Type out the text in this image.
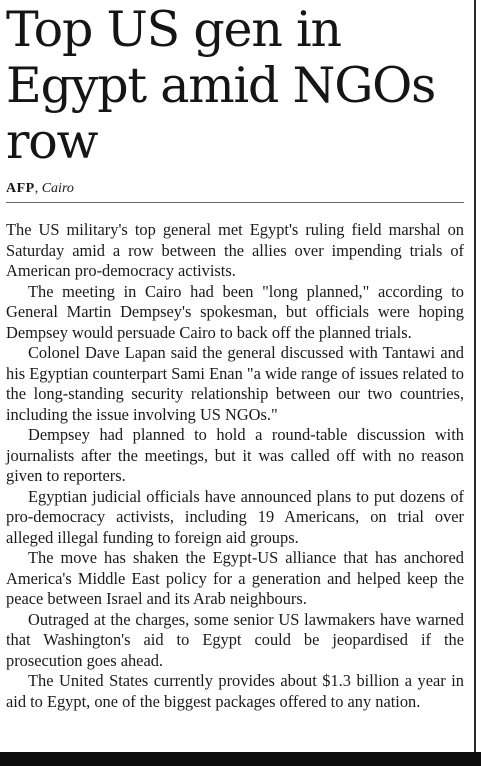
Top US gen in Egypt amid NGOs row
AFP, Cairo

The US military's top general met Egypt's ruling field marshal on Saturday amid a row between the allies over impending trials of American pro-democracy activists.

The meeting in Cairo had been "long planned," according to General Martin Dempsey's spokesman, but officials were hoping Dempsey would persuade Cairo to back off the planned trials.

Colonel Dave Lapan said the general discussed with Tantawi and his Egyptian counterpart Sami Enan "a wide range of issues related to the long-standing security relationship between our two countries, including the issue involving US NGOs."

Dempsey had planned to hold a round-table discussion with journalists after the meetings, but it was called off with no reason given to reporters.

Egyptian judicial officials have announced plans to put dozens of pro-democracy activists, including 19 Americans, on trial over alleged illegal funding to foreign aid groups.

The move has shaken the Egypt-US alliance that has anchored America's Middle East policy for a generation and helped keep the peace between Israel and its Arab neighbours.

Outraged at the charges, some senior US lawmakers have warned that Washington's aid to Egypt could be jeopardised if the prosecution goes ahead.

The United States currently provides about $1.3 billion a year in aid to Egypt, one of the biggest packages offered to any nation.
